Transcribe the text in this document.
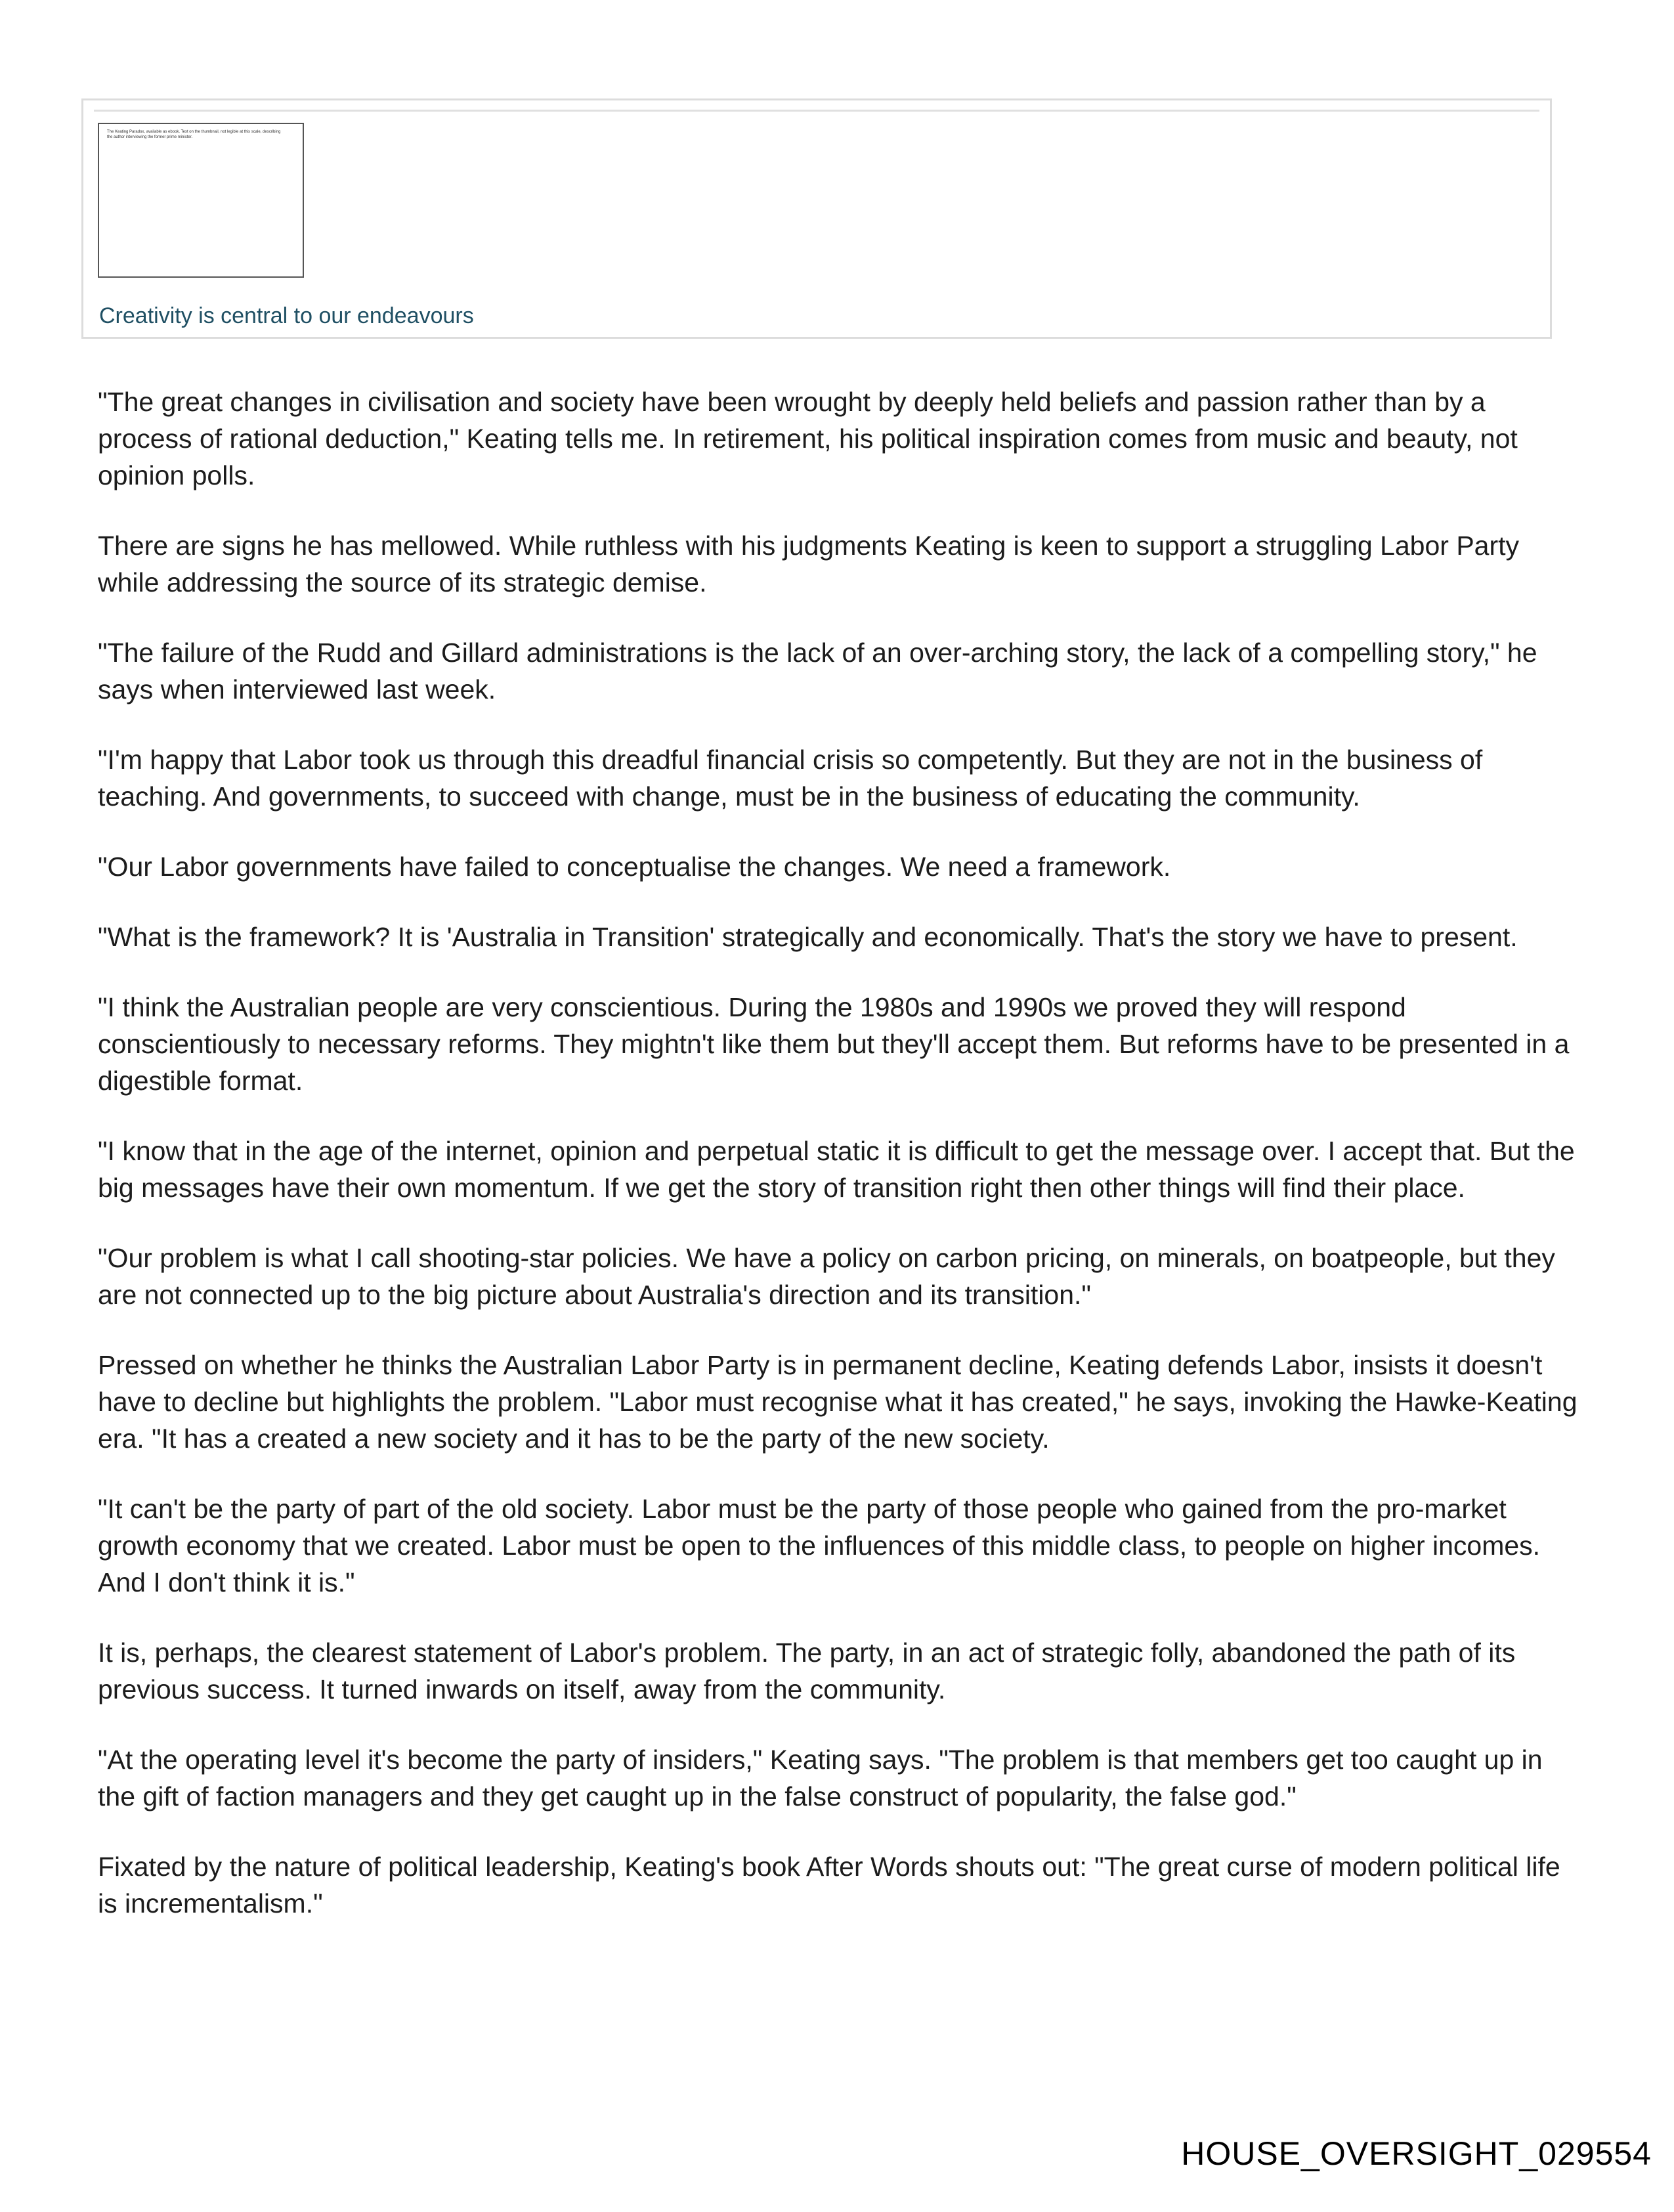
The Keating Paradox, available as ebook. Text on the thumbnail, not legible at this scale, describing the author interviewing the former prime minister.
Creativity is central to our endeavours

"The great changes in civilisation and society have been wrought by deeply held beliefs and passion rather than by a process of rational deduction," Keating tells me. In retirement, his political inspiration comes from music and beauty, not opinion polls.

There are signs he has mellowed. While ruthless with his judgments Keating is keen to support a struggling Labor Party while addressing the source of its strategic demise.

"The failure of the Rudd and Gillard administrations is the lack of an over-arching story, the lack of a compelling story," he says when interviewed last week.

"I'm happy that Labor took us through this dreadful financial crisis so competently. But they are not in the business of teaching. And governments, to succeed with change, must be in the business of educating the community.

"Our Labor governments have failed to conceptualise the changes. We need a framework.

"What is the framework? It is 'Australia in Transition' strategically and economically. That's the story we have to present.

"I think the Australian people are very conscientious. During the 1980s and 1990s we proved they will respond conscientiously to necessary reforms. They mightn't like them but they'll accept them. But reforms have to be presented in a digestible format.

"I know that in the age of the internet, opinion and perpetual static it is difficult to get the message over. I accept that. But the big messages have their own momentum. If we get the story of transition right then other things will find their place.

"Our problem is what I call shooting-star policies. We have a policy on carbon pricing, on minerals, on boatpeople, but they are not connected up to the big picture about Australia's direction and its transition."

Pressed on whether he thinks the Australian Labor Party is in permanent decline, Keating defends Labor, insists it doesn't have to decline but highlights the problem. "Labor must recognise what it has created," he says, invoking the Hawke-Keating era. "It has a created a new society and it has to be the party of the new society.

"It can't be the party of part of the old society. Labor must be the party of those people who gained from the pro-market growth economy that we created. Labor must be open to the influences of this middle class, to people on higher incomes. And I don't think it is."

It is, perhaps, the clearest statement of Labor's problem. The party, in an act of strategic folly, abandoned the path of its previous success. It turned inwards on itself, away from the community.

"At the operating level it's become the party of insiders," Keating says. "The problem is that members get too caught up in the gift of faction managers and they get caught up in the false construct of popularity, the false god."

Fixated by the nature of political leadership, Keating's book After Words shouts out: "The great curse of modern political life is incrementalism."

HOUSE_OVERSIGHT_029554
